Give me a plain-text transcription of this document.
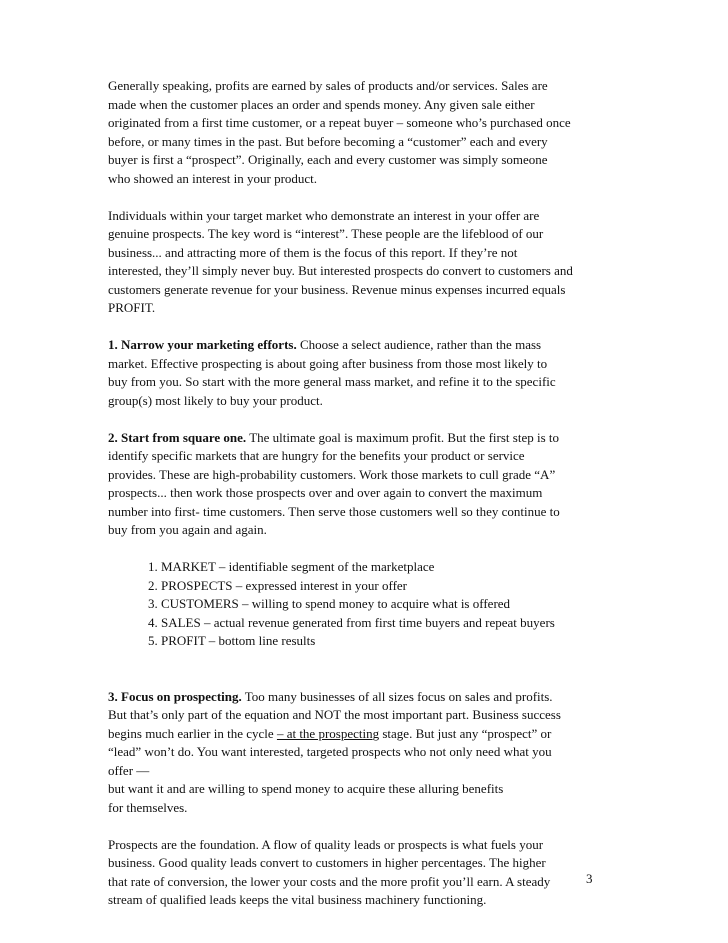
Generally speaking, profits are earned by sales of products and/or services. Sales are
made when the customer places an order and spends money. Any given sale either
originated from a first time customer, or a repeat buyer – someone who’s purchased once
before, or many times in the past. But before becoming a “customer” each and every
buyer is first a “prospect”. Originally, each and every customer was simply someone
who showed an interest in your product.
Individuals within your target market who demonstrate an interest in your offer are
genuine prospects. The key word is “interest”. These people are the lifeblood of our
business... and attracting more of them is the focus of this report. If they’re not
interested, they’ll simply never buy. But interested prospects do convert to customers and
customers generate revenue for your business. Revenue minus expenses incurred equals
PROFIT.
1. Narrow your marketing efforts. Choose a select audience, rather than the mass
market. Effective prospecting is about going after business from those most likely to
buy from you. So start with the more general mass market, and refine it to the specific
group(s) most likely to buy your product.
2. Start from square one. The ultimate goal is maximum profit. But the first step is to
identify specific markets that are hungry for the benefits your product or service
provides. These are high-probability customers. Work those markets to cull grade “A”
prospects... then work those prospects over and over again to convert the maximum
number into first- time customers. Then serve those customers well so they continue to
buy from you again and again.
1. MARKET – identifiable segment of the marketplace
2. PROSPECTS – expressed interest in your offer
3. CUSTOMERS – willing to spend money to acquire what is offered
4. SALES – actual revenue generated from first time buyers and repeat buyers
5. PROFIT – bottom line results
3. Focus on prospecting. Too many businesses of all sizes focus on sales and profits.
But that’s only part of the equation and NOT the most important part. Business success
begins much earlier in the cycle – at the prospecting stage. But just any “prospect” or
“lead” won’t do. You want interested, targeted prospects who not only need what you
offer —
but want it and are willing to spend money to acquire these alluring benefits
for themselves.
Prospects are the foundation. A flow of quality leads or prospects is what fuels your
business. Good quality leads convert to customers in higher percentages. The higher
that rate of conversion, the lower your costs and the more profit you’ll earn. A steady
stream of qualified leads keeps the vital business machinery functioning.
3
